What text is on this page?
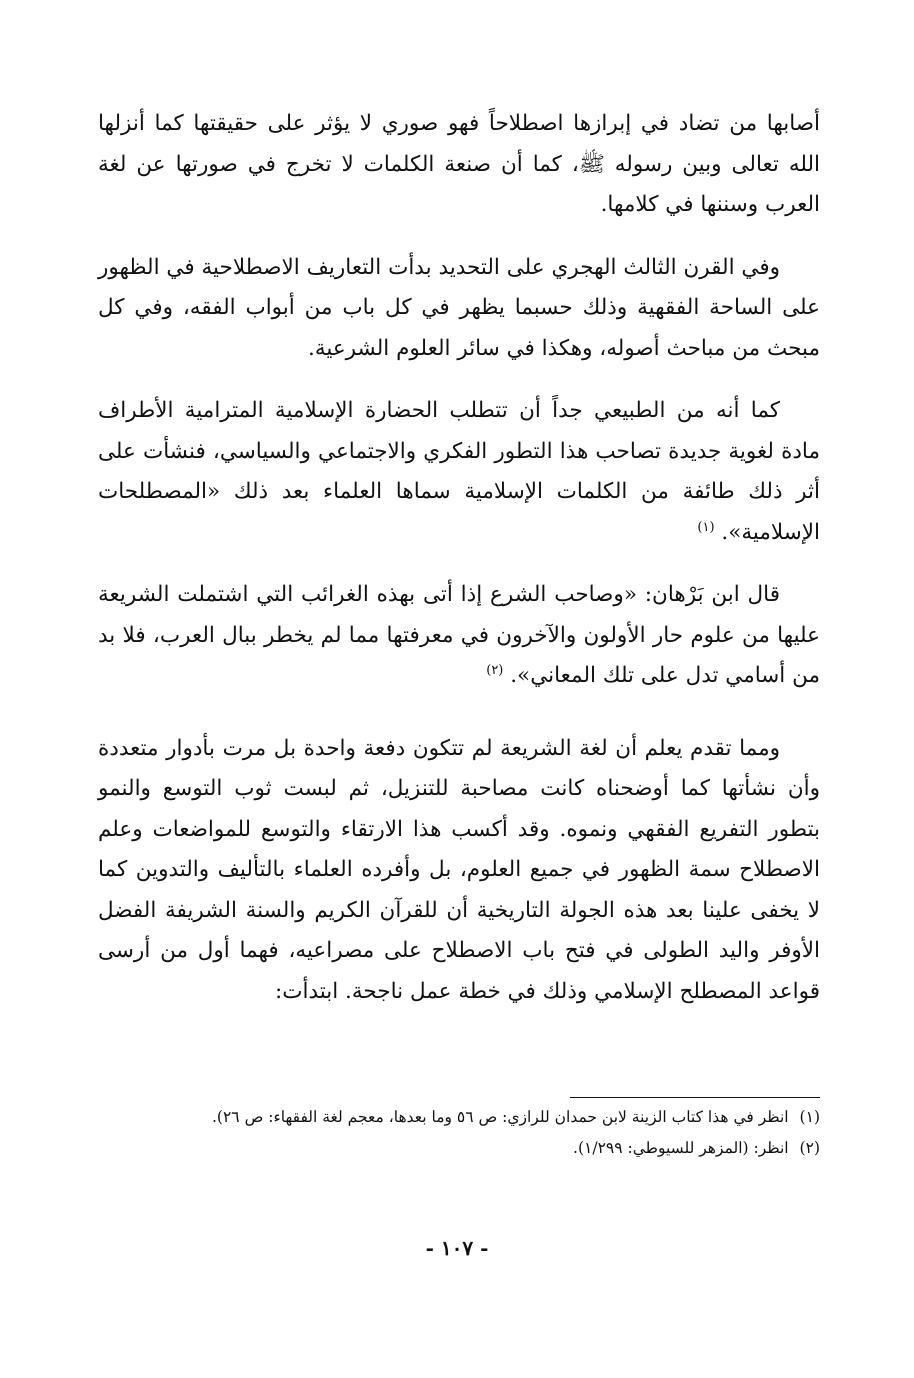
أصابها من تضاد في إبرازها اصطلاحاً فهو صوري لا يؤثر على حقيقتها كما أنزلها الله تعالى وبين رسوله ﷺ، كما أن صنعة الكلمات لا تخرج في صورتها عن لغة العرب وسننها في كلامها.

وفي القرن الثالث الهجري على التحديد بدأت التعاريف الاصطلاحية في الظهور على الساحة الفقهية وذلك حسبما يظهر في كل باب من أبواب الفقه، وفي كل مبحث من مباحث أصوله، وهكذا في سائر العلوم الشرعية.

كما أنه من الطبيعي جداً أن تتطلب الحضارة الإسلامية المترامية الأطراف مادة لغوية جديدة تصاحب هذا التطور الفكري والاجتماعي والسياسي، فنشأت على أثر ذلك طائفة من الكلمات الإسلامية سماها العلماء بعد ذلك «المصطلحات الإسلامية». $^{(١)}$

قال ابن بَرْهان: «وصاحب الشرع إذا أتى بهذه الغرائب التي اشتملت الشريعة عليها من علوم حار الأولون والآخرون في معرفتها مما لم يخطر ببال العرب، فلا بد من أسامي تدل على تلك المعاني». $^{(٢)}$

ومما تقدم يعلم أن لغة الشريعة لم تتكون دفعة واحدة بل مرت بأدوار متعددة وأن نشأتها كما أوضحناه كانت مصاحبة للتنزيل، ثم لبست ثوب التوسع والنمو بتطور التفريع الفقهي ونموه. وقد أكسب هذا الارتقاء والتوسع للمواضعات وعلم الاصطلاح سمة الظهور في جميع العلوم، بل وأفرده العلماء بالتأليف والتدوين كما لا يخفى علينا بعد هذه الجولة التاريخية أن للقرآن الكريم والسنة الشريفة الفضل الأوفر واليد الطولى في فتح باب الاصطلاح على مصراعيه، فهما أول من أرسى قواعد المصطلح الإسلامي وذلك في خطة عمل ناجحة. ابتدأت:

(١) انظر في هذا كتاب الزينة لابن حمدان للرازي: ص ٥٦ وما بعدها، معجم لغة الفقهاء: ص ٢٦).

(٢) انظر: (المزهر للسيوطي: ١/٢٩٩).

- ١٠٧ -
